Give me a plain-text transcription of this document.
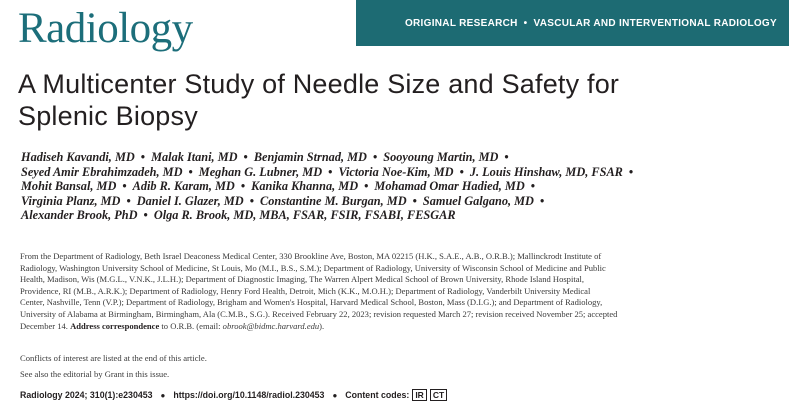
Radiology	ORIGINAL RESEARCH • VASCULAR AND INTERVENTIONAL RADIOLOGY
A Multicenter Study of Needle Size and Safety for
Splenic Biopsy
Hadiseh Kavandi, MD • Malak Itani, MD • Benjamin Strnad, MD • Sooyoung Martin, MD •
Seyed Amir Ebrahimzadeh, MD • Meghan G. Lubner, MD • Victoria Noe-Kim, MD • J. Louis Hinshaw, MD, FSAR •
Mohit Bansal, MD • Adib R. Karam, MD • Kanika Khanna, MD • Mohamad Omar Hadied, MD •
Virginia Planz, MD • Daniel I. Glazer, MD • Constantine M. Burgan, MD • Samuel Galgano, MD •
Alexander Brook, PhD • Olga R. Brook, MD, MBA, FSAR, FSIR, FSABI, FESGAR
From the Department of Radiology, Beth Israel Deaconess Medical Center, 330 Brookline Ave, Boston, MA 02215 (H.K., S.A.E., A.B., O.R.B.); Mallinckrodt Institute of
Radiology, Washington University School of Medicine, St Louis, Mo (M.I., B.S., S.M.); Department of Radiology, University of Wisconsin School of Medicine and Public
Health, Madison, Wis (M.G.L., V.N.K., J.L.H.); Department of Diagnostic Imaging, The Warren Alpert Medical School of Brown University, Rhode Island Hospital,
Providence, RI (M.B., A.R.K.); Department of Radiology, Henry Ford Health, Detroit, Mich (K.K., M.O.H.); Department of Radiology, Vanderbilt University Medical
Center, Nashville, Tenn (V.P.); Department of Radiology, Brigham and Women's Hospital, Harvard Medical School, Boston, Mass (D.I.G.); and Department of Radiology,
University of Alabama at Birmingham, Birmingham, Ala (C.M.B., S.G.). Received February 22, 2023; revision requested March 27; revision received November 25; accepted
December 14. Address correspondence to O.R.B. (email: obrook@bidmc.harvard.edu).
Conflicts of interest are listed at the end of this article.
See also the editorial by Grant in this issue.
Radiology 2024; 310(1):e230453 ● https://doi.org/10.1148/radiol.230453 ● Content codes: IR	CT
